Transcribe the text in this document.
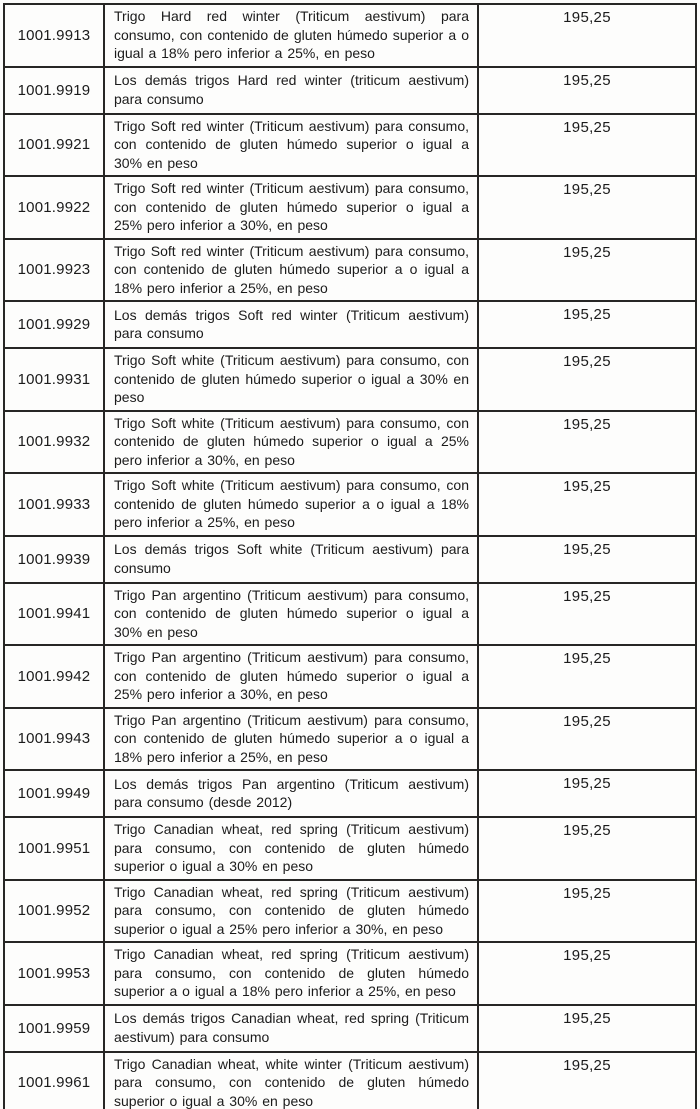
1001.9913	Trigo Hard red winter (Triticum aestivum) para consumo, con contenido de gluten húmedo superior a o igual a 18% pero inferior a 25%, en peso	195,25
1001.9919	Los demás trigos Hard red winter (triticum aestivum) para consumo	195,25
1001.9921	Trigo Soft red winter (Triticum aestivum) para consumo, con contenido de gluten húmedo superior o igual a 30% en peso	195,25
1001.9922	Trigo Soft red winter (Triticum aestivum) para consumo, con contenido de gluten húmedo superior o igual a 25% pero inferior a 30%, en peso	195,25
1001.9923	Trigo Soft red winter (Triticum aestivum) para consumo, con contenido de gluten húmedo superior a o igual a 18% pero inferior a 25%, en peso	195,25
1001.9929	Los demás trigos Soft red winter (Triticum aestivum) para consumo	195,25
1001.9931	Trigo Soft white (Triticum aestivum) para consumo, con contenido de gluten húmedo superior o igual a 30% en peso	195,25
1001.9932	Trigo Soft white (Triticum aestivum) para consumo, con contenido de gluten húmedo superior o igual a 25% pero inferior a 30%, en peso	195,25
1001.9933	Trigo Soft white (Triticum aestivum) para consumo, con contenido de gluten húmedo superior a o igual a 18% pero inferior a 25%, en peso	195,25
1001.9939	Los demás trigos Soft white (Triticum aestivum) para consumo	195,25
1001.9941	Trigo Pan argentino (Triticum aestivum) para consumo, con contenido de gluten húmedo superior o igual a 30% en peso	195,25
1001.9942	Trigo Pan argentino (Triticum aestivum) para consumo, con contenido de gluten húmedo superior o igual a 25% pero inferior a 30%, en peso	195,25
1001.9943	Trigo Pan argentino (Triticum aestivum) para consumo, con contenido de gluten húmedo superior a o igual a 18% pero inferior a 25%, en peso	195,25
1001.9949	Los demás trigos Pan argentino (Triticum aestivum) para consumo (desde 2012)	195,25
1001.9951	Trigo Canadian wheat, red spring (Triticum aestivum) para consumo, con contenido de gluten húmedo superior o igual a 30% en peso	195,25
1001.9952	Trigo Canadian wheat, red spring (Triticum aestivum) para consumo, con contenido de gluten húmedo superior o igual a 25% pero inferior a 30%, en peso	195,25
1001.9953	Trigo Canadian wheat, red spring (Triticum aestivum) para consumo, con contenido de gluten húmedo superior a o igual a 18% pero inferior a 25%, en peso	195,25
1001.9959	Los demás trigos Canadian wheat, red spring (Triticum aestivum) para consumo	195,25
1001.9961	Trigo Canadian wheat, white winter (Triticum aestivum) para consumo, con contenido de gluten húmedo superior o igual a 30% en peso	195,25
